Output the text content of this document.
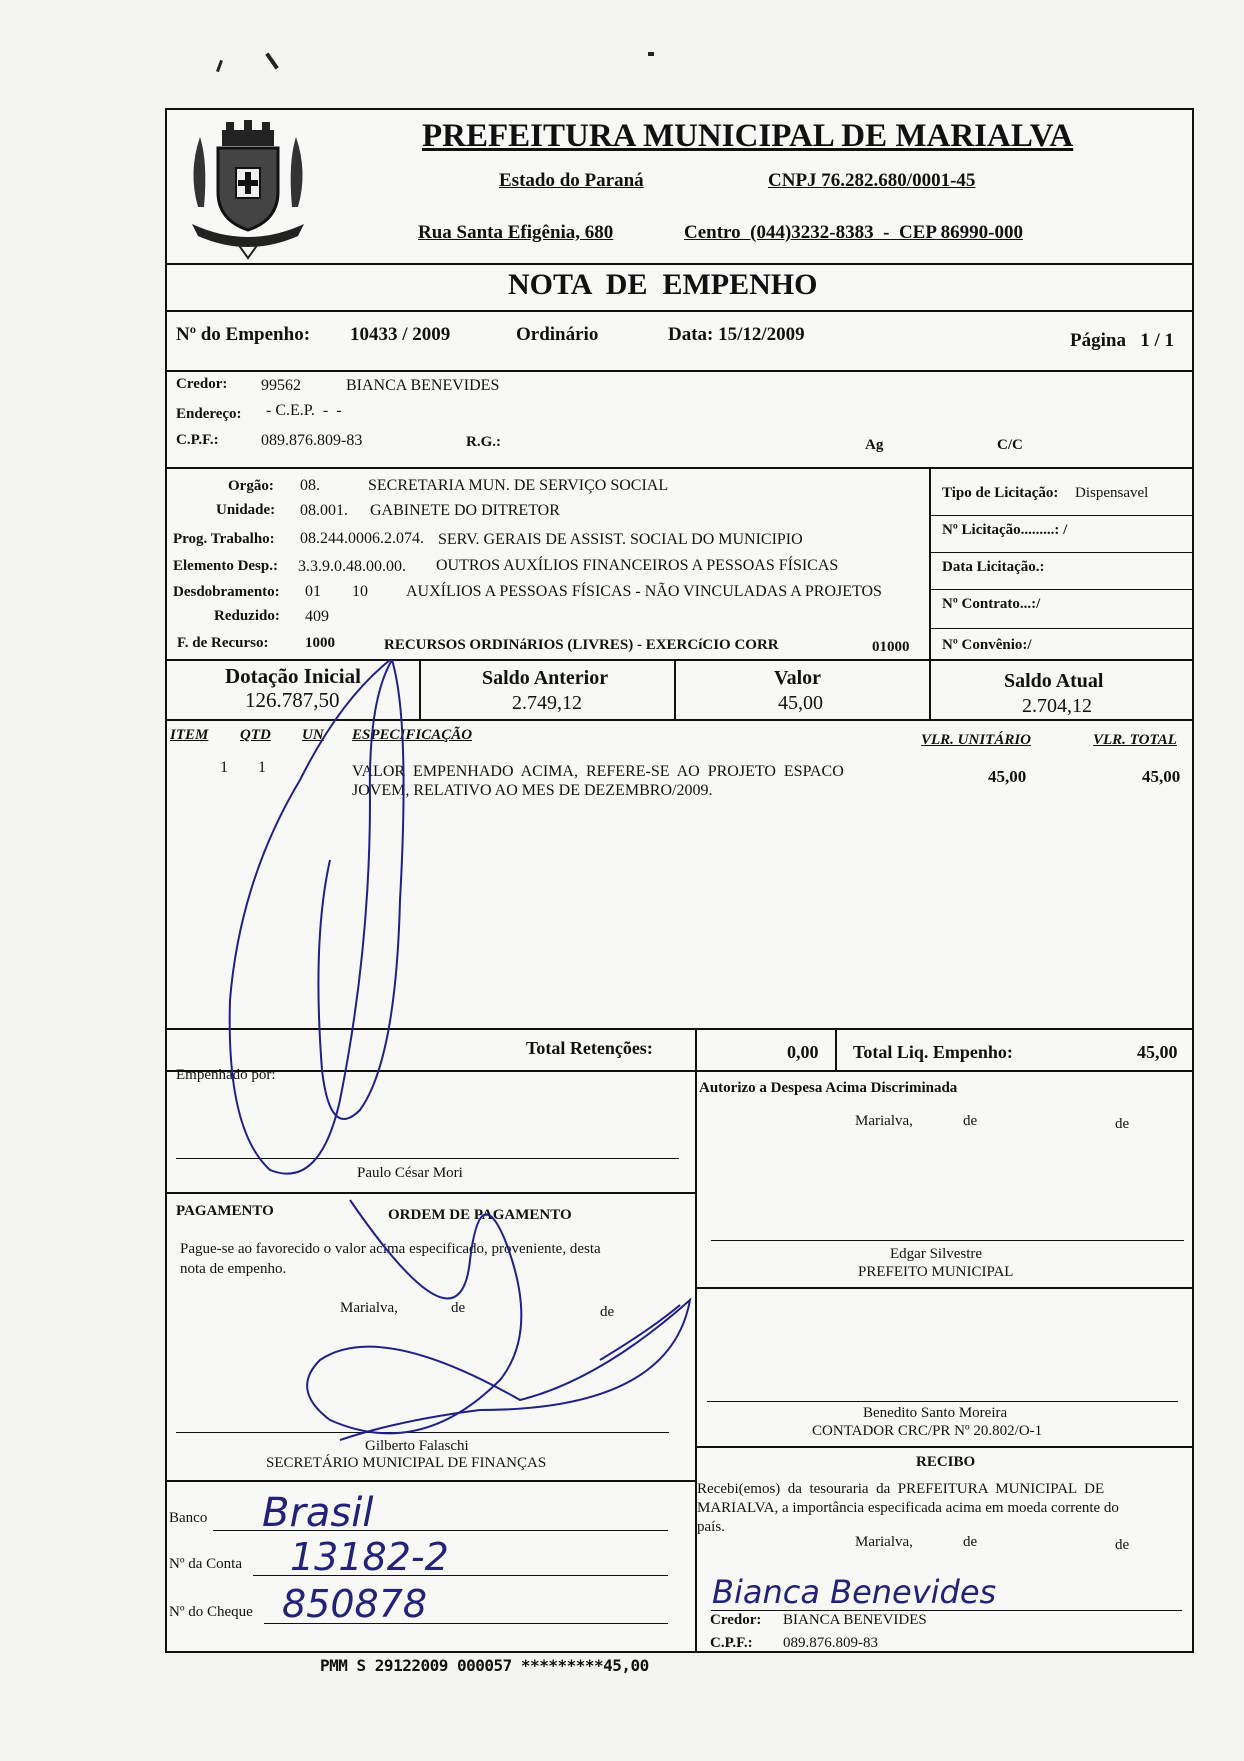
PREFEITURA MUNICIPAL DE MARIALVA
Estado do Paraná	CNPJ 76.282.680/0001-45
Rua Santa Efigênia, 680	Centro  (044)3232-8383  -  CEP 86990-000
NOTA  DE  EMPENHO
Nº do Empenho: 10433 / 2009	Ordinário	Data: 15/12/2009	Página   1 / 1
Credor: 99562	BIANCA BENEVIDES
Endereço: - C.E.P.  -  -
C.P.F.:	089.876.809-83	R.G.:	Ag	C/C
Orgão: 08.	SECRETARIA MUN. DE SERVIÇO SOCIAL
Unidade: 08.001. GABINETE DO DITRETOR
Prog. Trabalho: 08.244.0006.2.074. SERV. GERAIS DE ASSIST. SOCIAL DO MUNICIPIO
Elemento Desp.: 3.3.9.0.48.00.00. OUTROS AUXÍLIOS FINANCEIROS A PESSOAS FÍSICAS
Desdobramento: 01 10 AUXÍLIOS A PESSOAS FÍSICAS - NÃO VINCULADAS A PROJETOS
Reduzido: 409
F. de Recurso: 1000	RECURSOS ORDINáRIOS (LIVRES) - EXERCíCIO CORR	01000
Tipo de Licitação: Dispensavel
Nº Licitação.........: /
Data Licitação.:
Nº Contrato...:/
Nº Convênio:/
Dotação Inicial
126.787,50
Saldo Anterior
2.749,12
Valor
45,00
Saldo Atual
2.704,12
ITEM QTD UN ESPECIFICAÇÃO	VLR. UNITÁRIO	VLR. TOTAL
1 1	VALOR  EMPENHADO  ACIMA,  REFERE-SE  AO  PROJETO  ESPACO
JOVEM, RELATIVO AO MES DE DEZEMBRO/2009.
45,00	45,00
Total Retenções:	0,00 Total Liq. Empenho:	45,00
Empenhado por:
Paulo César Mori
PAGAMENTO	ORDEM DE PAGAMENTO
Pague-se ao favorecido o valor acima especificado, proveniente, desta
nota de empenho.
Marialva,	de	de
Gilberto Falaschi
SECRETÁRIO MUNICIPAL DE FINANÇAS
Banco Brasil
Nº da Conta 13182-2
Nº do Cheque 850878
Autorizo a Despesa Acima Discriminada
Marialva,	de	de
Edgar Silvestre
PREFEITO MUNICIPAL
Benedito Santo Moreira
CONTADOR CRC/PR Nº 20.802/O-1
RECIBO
Recebi(emos)  da  tesouraria  da  PREFEITURA  MUNICIPAL  DE
MARIALVA, a importância especificada acima em moeda corrente do
país.
Marialva,	de	de
Bianca Benevides
Credor: BIANCA BENEVIDES
C.P.F.: 089.876.809-83
PMM S 29122009 000057 *********45,00
